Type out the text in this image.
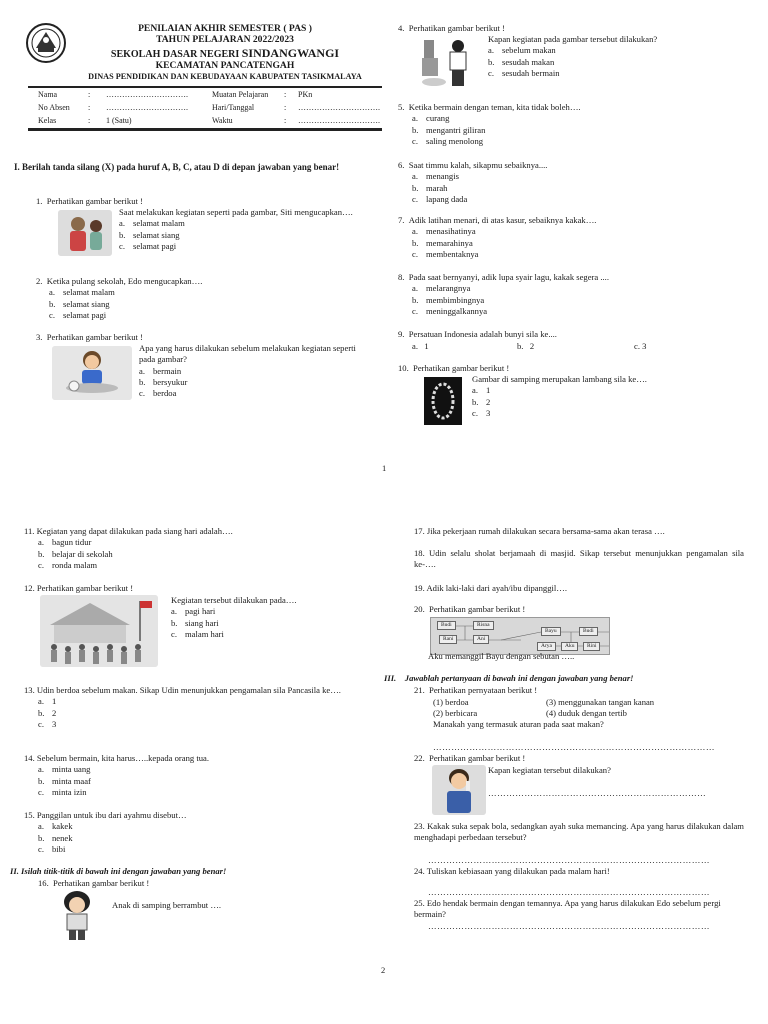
PENILAIAN AKHIR SEMESTER ( PAS )
TAHUN PELAJARAN 2022/2023
SEKOLAH DASAR NEGERI SINDANGWANGI
KECAMATAN PANCATENGAH
DINAS PENDIDIKAN DAN KEBUDAYAAN KABUPATEN TASIKMALAYA
Nama	:	………………………….	Muatan Pelajaran	:	PKn
No Absen	:	………………………….	Hari/Tanggal	:	………………………….
Kelas	:	1 (Satu)	Waktu	:	………………………….
I. Berilah tanda silang (X) pada huruf A, B, C, atau D di depan jawaban yang benar!
1. Perhatikan gambar berikut !
Saat melakukan kegiatan seperti pada gambar, Siti mengucapkan….
a. selamat malam
b. selamat siang
c. selamat pagi
2. Ketika pulang sekolah, Edo mengucapkan….
a. selamat malam
b. selamat siang
c. selamat pagi
3. Perhatikan gambar berikut !
Apa yang harus dilakukan sebelum melakukan kegiatan seperti pada gambar?
a. bermain
b. bersyukur
c. berdoa
4. Perhatikan gambar berikut !
Kapan kegiatan pada gambar tersebut dilakukan?
a. sebelum makan
b. sesudah makan
c. sesudah bermain
5. Ketika bermain dengan teman, kita tidak boleh….
a. curang
b. mengantri giliran
c. saling menolong
6. Saat timmu kalah, sikapmu sebaiknya....
a. menangis
b. marah
c. lapang dada
7. Adik latihan menari, di atas kasur, sebaiknya kakak….
a. menasihatinya
b. memarahinya
c. membentaknya
8. Pada saat bernyanyi, adik lupa syair lagu, kakak segera ....
a. melarangnya
b. membimbingnya
c. meninggalkannya
9. Persatuan Indonesia adalah bunyi sila ke....
a. 1	b. 2	c. 3
10. Perhatikan gambar berikut !
Gambar di samping merupakan lambang sila ke….
a. 1
b. 2
c. 3
1
11. Kegiatan yang dapat dilakukan pada siang hari adalah….
a. bagun tidur
b. belajar di sekolah
c. ronda malam
12. Perhatikan gambar berikut !
Kegiatan tersebut dilakukan pada….
a. pagi hari
b. siang hari
c. malam hari
13. Udin berdoa sebelum makan. Sikap Udin menunjukkan pengamalan sila Pancasila ke….
a. 1
b. 2
c. 3
14. Sebelum bermain, kita harus…..kepada orang tua.
a. minta uang
b. minta maaf
c. minta izin
15. Panggilan untuk ibu dari ayahmu disebut…
a. kakek
b. nenek
c. bibi
II. Isilah titik-titik di bawah ini dengan jawaban yang benar!
16. Perhatikan gambar berikut !
Anak di samping berrambut ….
17. Jika pekerjaan rumah dilakukan secara bersama-sama akan terasa ….
18. Udin selalu sholat berjamaah di masjid. Sikap tersebut menunjukkan pengamalan sila ke-….
19. Adik laki-laki dari ayah/ibu dipanggil….
20. Perhatikan gambar berikut !
Budi	Risna
Rani	Ani
Bayu	Budi
Arya	Aku	Rini
Aku memanggil Bayu dengan sebutan …..
III. Jawablah pertanyaan di bawah ini dengan jawaban yang benar!
21. Perhatikan pernyataan berikut !
(1) berdoa	(3) menggunakan tangan kanan
(2) berbicara	(4) duduk dengan tertib
Manakah yang termasuk aturan pada saat makan?
…………………………………………………………………………………
22. Perhatikan gambar berikut !
Kapan kegiatan tersebut dilakukan?
………………………………………………………………
23. Kakak suka sepak bola, sedangkan ayah suka memancing. Apa yang harus dilakukan dalam menghadapi perbedaan tersebut?
…………………………………………………………………………………
24. Tuliskan kebiasaan yang dilakukan pada malam hari!
…………………………………………………………………………………
25. Edo hendak bermain dengan temannya. Apa yang harus dilakukan Edo sebelum pergi bermain?
…………………………………………………………………………………
2
